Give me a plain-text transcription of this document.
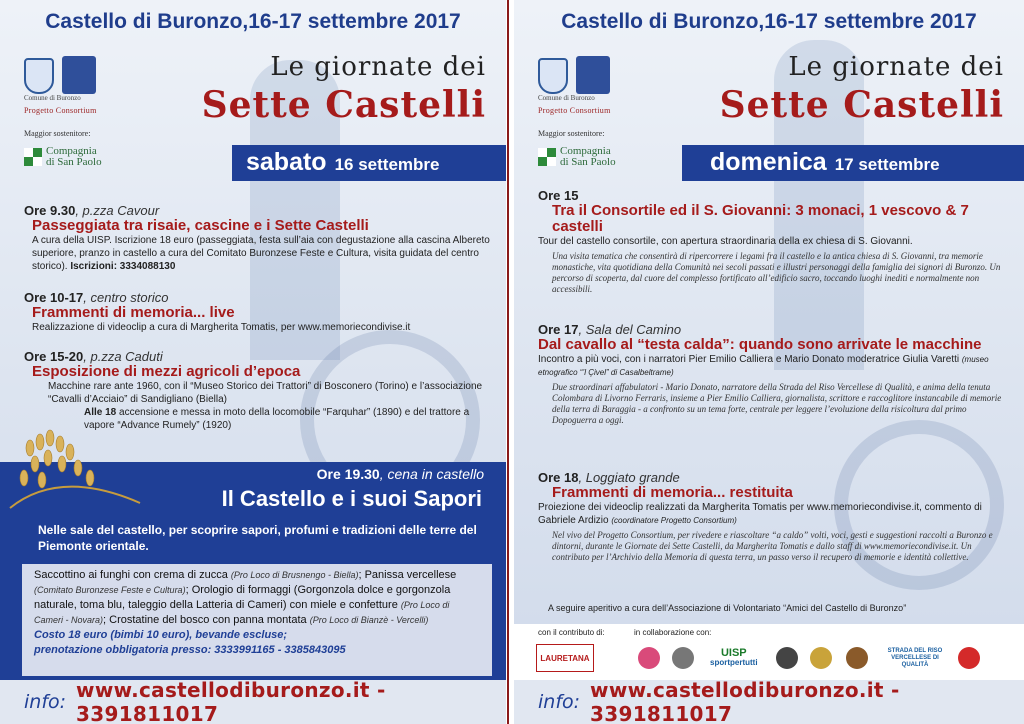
Castello di Buronzo,16-17 settembre 2017
Comune di Buronzo
Progetto Consortium
Maggior sostenitore:
Compagnia
di San Paolo
Le giornate dei
Sette Castelli
sabato 16 settembre
Ore 9.30, p.zza Cavour
Passeggiata tra risaie, cascine e i Sette Castelli
A cura della UISP. Iscrizione 18 euro (passeggiata, festa sull’aia con degustazione alla cascina Albereto superiore, pranzo in castello a cura del Comitato Buronzese Feste e Cultura, visita guidata del centro storico). Iscrizioni: 3334088130
Ore 10-17, centro storico
Frammenti di memoria... live
Realizzazione di videoclip a cura di Margherita Tomatis, per www.memoriecondivise.it
Ore 15-20, p.zza Caduti
Esposizione di mezzi agricoli d’epoca
Macchine rare ante 1960, con il “Museo Storico dei Trattori” di Bosconero (Torino) e l’associazione “Cavalli d’Acciaio” di Sandigliano (Biella)
Alle 18 accensione e messa in moto della locomobile “Farquhar” (1890) e del trattore a vapore “Advance Rumely” (1920)
Ore 19.30, cena in castello
Il Castello e i suoi Sapori
Nelle sale del castello, per scoprire sapori, profumi e tradizioni delle terre del Piemonte orientale.
Saccottino ai funghi con crema di zucca (Pro Loco di Brusnengo - Biella); Panissa vercellese (Comitato Buronzese Feste e Cultura); Orologio di formaggi (Gorgonzola dolce e gorgonzola naturale, toma blu, taleggio della Latteria di Cameri) con miele e confetture (Pro Loco di Cameri - Novara); Crostatine del bosco con panna montata (Pro Loco di Bianzè - Vercelli)
Costo 18 euro (bimbi 10 euro), bevande escluse;
prenotazione obbligatoria presso: 3333991165 - 3385843095
info: www.castellodiburonzo.it - 3391811017
Castello di Buronzo,16-17 settembre 2017
Comune di Buronzo
Progetto Consortium
Maggior sostenitore:
Compagnia
di San Paolo
Le giornate dei
Sette Castelli
domenica 17 settembre
Ore 15
Tra il Consortile ed il S. Giovanni: 3 monaci, 1 vescovo & 7 castelli
Tour del castello consortile, con apertura straordinaria della ex chiesa di S. Giovanni.
Una visita tematica che consentirà di ripercorrere i legami fra il castello e la antica chiesa di S. Giovanni, tra memorie monastiche, vita quotidiana della Comunità nei secoli passati e illustri personaggi della famiglia dei signori di Buronzo. Un percorso di scoperta, dal cuore del complesso fortificato all’edificio sacro, toccando luoghi inediti e normalmente non accessibili.
Ore 17, Sala del Camino
Dal cavallo al “testa calda”: quando sono arrivate le macchine
Incontro a più voci, con i narratori Pier Emilio Calliera e Mario Donato moderatrice Giulia Varetti (museo etnografico “’l Çivel” di Casalbeltrame)
Due straordinari affabulatori - Mario Donato, narratore della Strada del Riso Vercellese di Qualità, e anima della tenuta Colombara di Livorno Ferraris, insieme a Pier Emilio Calliera, giornalista, scrittore e raccoglitore instancabile di memorie della terra di Baraggia - a confronto su un tema forte, centrale per leggere l’evoluzione della risicoltura dal primo Dopoguerra a oggi.
Ore 18, Loggiato grande
Frammenti di memoria... restituita
Proiezione dei videoclip realizzati da Margherita Tomatis per www.memoriecondivise.it, commento di Gabriele Ardizio (coordinatore Progetto Consortium)
Nel vivo del Progetto Consortium, per rivedere e riascoltare “a caldo” volti, voci, gesti e suggestioni raccolti a Buronzo e dintorni, durante le Giornate dei Sette Castelli, da Margherita Tomatis e dallo staff di www.memoriecondivise.it. Un contributo per l’Archivio della Memoria di questa terra, un passo verso il recupero di memorie e identità collettive.
A seguire aperitivo a cura dell’Associazione di Volontariato “Amici del Castello di Buronzo”
con il contributo di:	in collaborazione con:
LAURETANA	UISP
sportpertutti
STRADA DEL RISO VERCELLESE DI QUALITÀ
info: www.castellodiburonzo.it - 3391811017
